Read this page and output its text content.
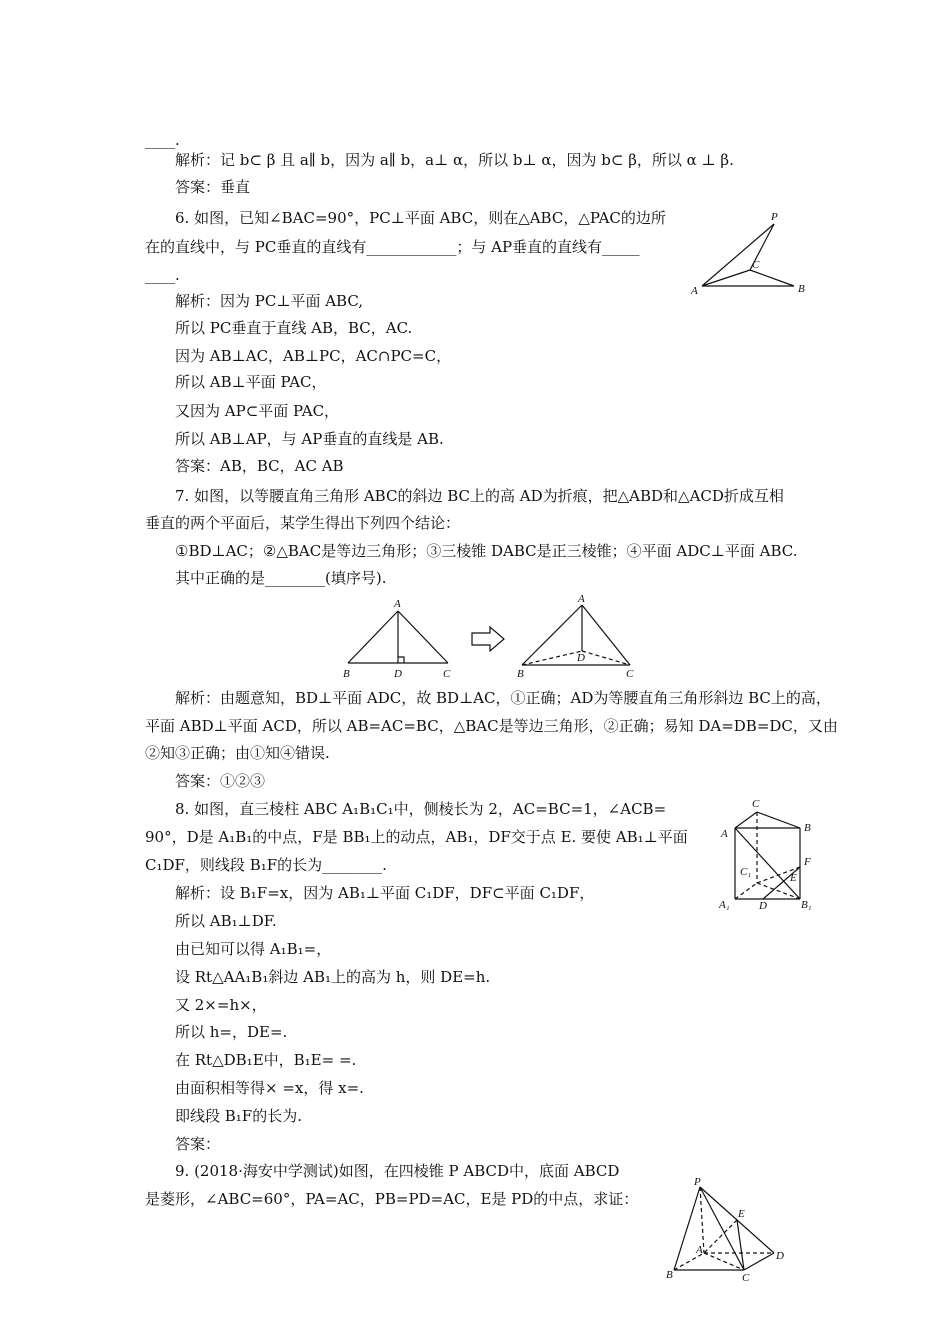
____.
解析：记 b⊂ β 且 a∥ b，因为 a∥ b，a⊥ α，所以 b⊥ α，因为 b⊂ β，所以 α ⊥ β.
答案：垂直
6. 如图，已知∠BAC=90°，PC⊥平面 ABC，则在△ABC，△PAC的边所
在的直线中，与 PC垂直的直线有____________；与 AP垂直的直线有_____
____.
解析：因为 PC⊥平面 ABC,
所以 PC垂直于直线 AB，BC，AC.
因为 AB⊥AC，AB⊥PC，AC∩PC=C，
所以 AB⊥平面 PAC，
又因为 AP⊂平面 PAC，
所以 AB⊥AP，与 AP垂直的直线是 AB.
答案：AB，BC，AC AB
7. 如图，以等腰直角三角形 ABC的斜边 BC上的高 AD为折痕，把△ABD和△ACD折成互相
垂直的两个平面后，某学生得出下列四个结论：
①BD⊥AC；②△BAC是等边三角形；③三棱锥 DABC是正三棱锥；④平面 ADC⊥平面 ABC.
其中正确的是________(填序号).
解析：由题意知，BD⊥平面 ADC，故 BD⊥AC，①正确；AD为等腰直角三角形斜边 BC上的高，
平面 ABD⊥平面 ACD，所以 AB=AC=BC，△BAC是等边三角形，②正确；易知 DA=DB=DC，又由
②知③正确；由①知④错误.
答案：①②③
8. 如图，直三棱柱 ABC A₁B₁C₁中，侧棱长为 2，AC=BC=1，∠ACB=
90°，D是 A₁B₁的中点，F是 BB₁上的动点，AB₁，DF交于点 E. 要使 AB₁⊥平面
C₁DF，则线段 B₁F的长为________.
解析：设 B₁F=x，因为 AB₁⊥平面 C₁DF，DF⊂平面 C₁DF，
所以 AB₁⊥DF.
由已知可以得 A₁B₁=，
设 Rt△AA₁B₁斜边 AB₁上的高为 h，则 DE=h.
又 2×=h×，
所以 h=，DE=.
在 Rt△DB₁E中，B₁E= =.
由面积相等得× =x，得 x=.
即线段 B₁F的长为.
答案：
9. (2018·海安中学测试)如图，在四棱锥 P ABCD中，底面 ABCD
是菱形，∠ABC=60°，PA=AC，PB=PD=AC，E是 PD的中点，求证：
P
C
A	B
A
B	D	C
A
D
B	C
C
B
A
C₁
F
E
A₁	D	B₁
P
E
A	D
B	C
